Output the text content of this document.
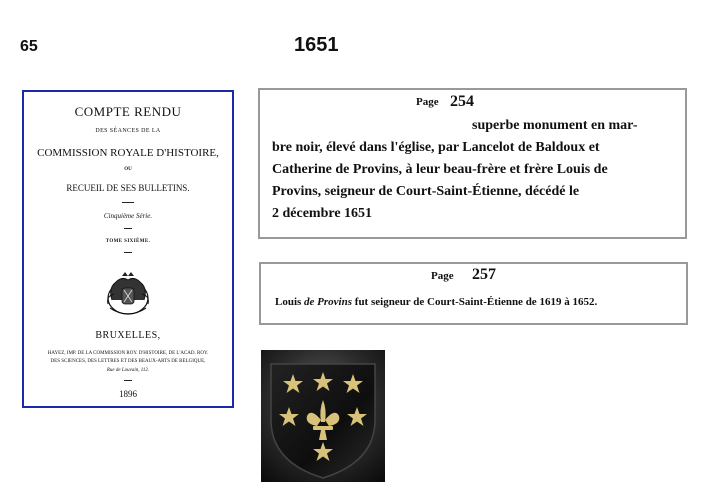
65	1651
COMPTE RENDU
DES SÉANCES DE LA
COMMISSION ROYALE D'HISTOIRE,
OU
RECUEIL DE SES BULLETINS.
Cinquième Série.
TOME SIXIÈME.
BRUXELLES,
HAYEZ, IMP. DE LA COMMISSION ROY. D'HISTOIRE, DE L'ACAD. ROY.
DES SCIENCES, DES LETTRES ET DES BEAUX-ARTS DE BELGIQUE,
Rue de Louvain, 112.
1896
Page 254
superbe monument en mar-
bre noir, élevé dans l'église, par Lancelot de Baldoux et
Catherine de Provins, à leur beau-frère et frère Louis de
Provins, seigneur de Court-Saint-Étienne, décédé le
2 décembre 1651
Page 257
Louis de Provins fut seigneur de Court-Saint-Étienne de 1619 à 1652.
